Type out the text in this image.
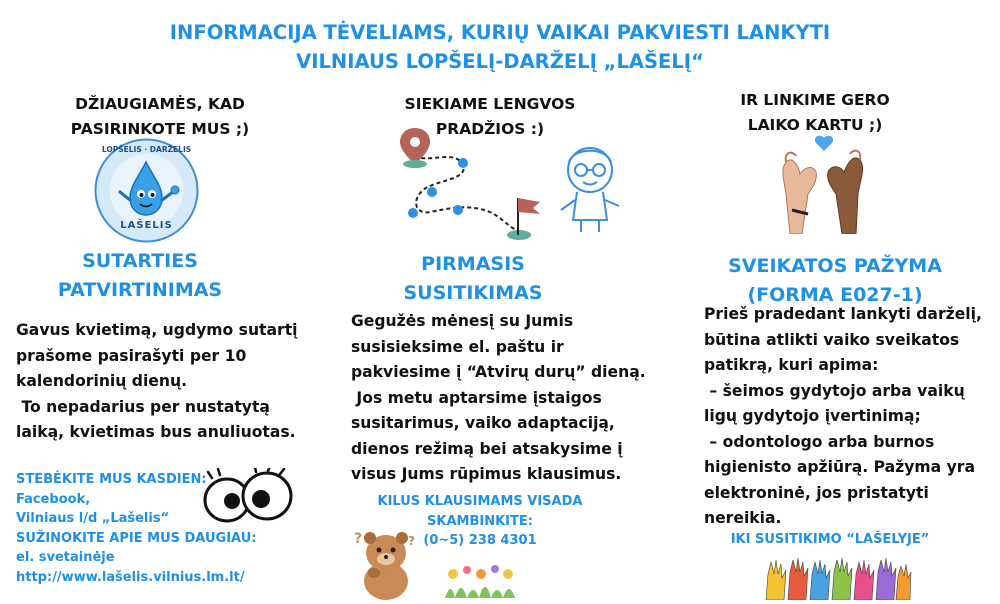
INFORMACIJA TĖVELIAMS, KURIŲ VAIKAI PAKVIESTI LANKYTI
VILNIAUS LOPŠELĮ-DARŽELĮ „LAŠELĮ“
DŽIAUGIAMĖS, KAD
PASIRINKOTE MUS ;)
LOPŠELIS · DARŽELIS
LAŠELIS
SUTARTIES
PATVIRTINIMAS
Gavus kvietimą, ugdymo sutartį
prašome pasirašyti per 10
kalendorinių dienų.
To nepadarius per nustatytą
laiką, kvietimas bus anuliuotas.
STEBĖKITE MUS KASDIEN:
Facebook,
Vilniaus l/d „Lašelis“
SUŽINOKITE APIE MUS DAUGIAU:
el. svetainėje
http://www.lašelis.vilnius.lm.lt/
SIEKIAME LENGVOS
PRADŽIOS :)
PIRMASIS
SUSITIKIMAS
Gegužės mėnesį su Jumis
susisieksime el. paštu ir
pakviesime į “Atvirų durų” dieną.
Jos metu aptarsime įstaigos
susitarimus, vaiko adaptaciją,
dienos režimą bei atsakysime į
visus Jums rūpimus klausimus.
KILUS KLAUSIMAMS VISADA
SKAMBINKITE:
(0~5) 238 4301
?	?
IR LINKIME GERO
LAIKO KARTU ;)
SVEIKATOS PAŽYMA
(FORMA E027-1)
Prieš pradedant lankyti darželį,
būtina atlikti vaiko sveikatos
patikrą, kuri apima:
– šeimos gydytojo arba vaikų
ligų gydytojo įvertinimą;
– odontologo arba burnos
higienisto apžiūrą. Pažyma yra
elektroninė, jos pristatyti
nereikia.
IKI SUSITIKIMO “LAŠELYJE”
